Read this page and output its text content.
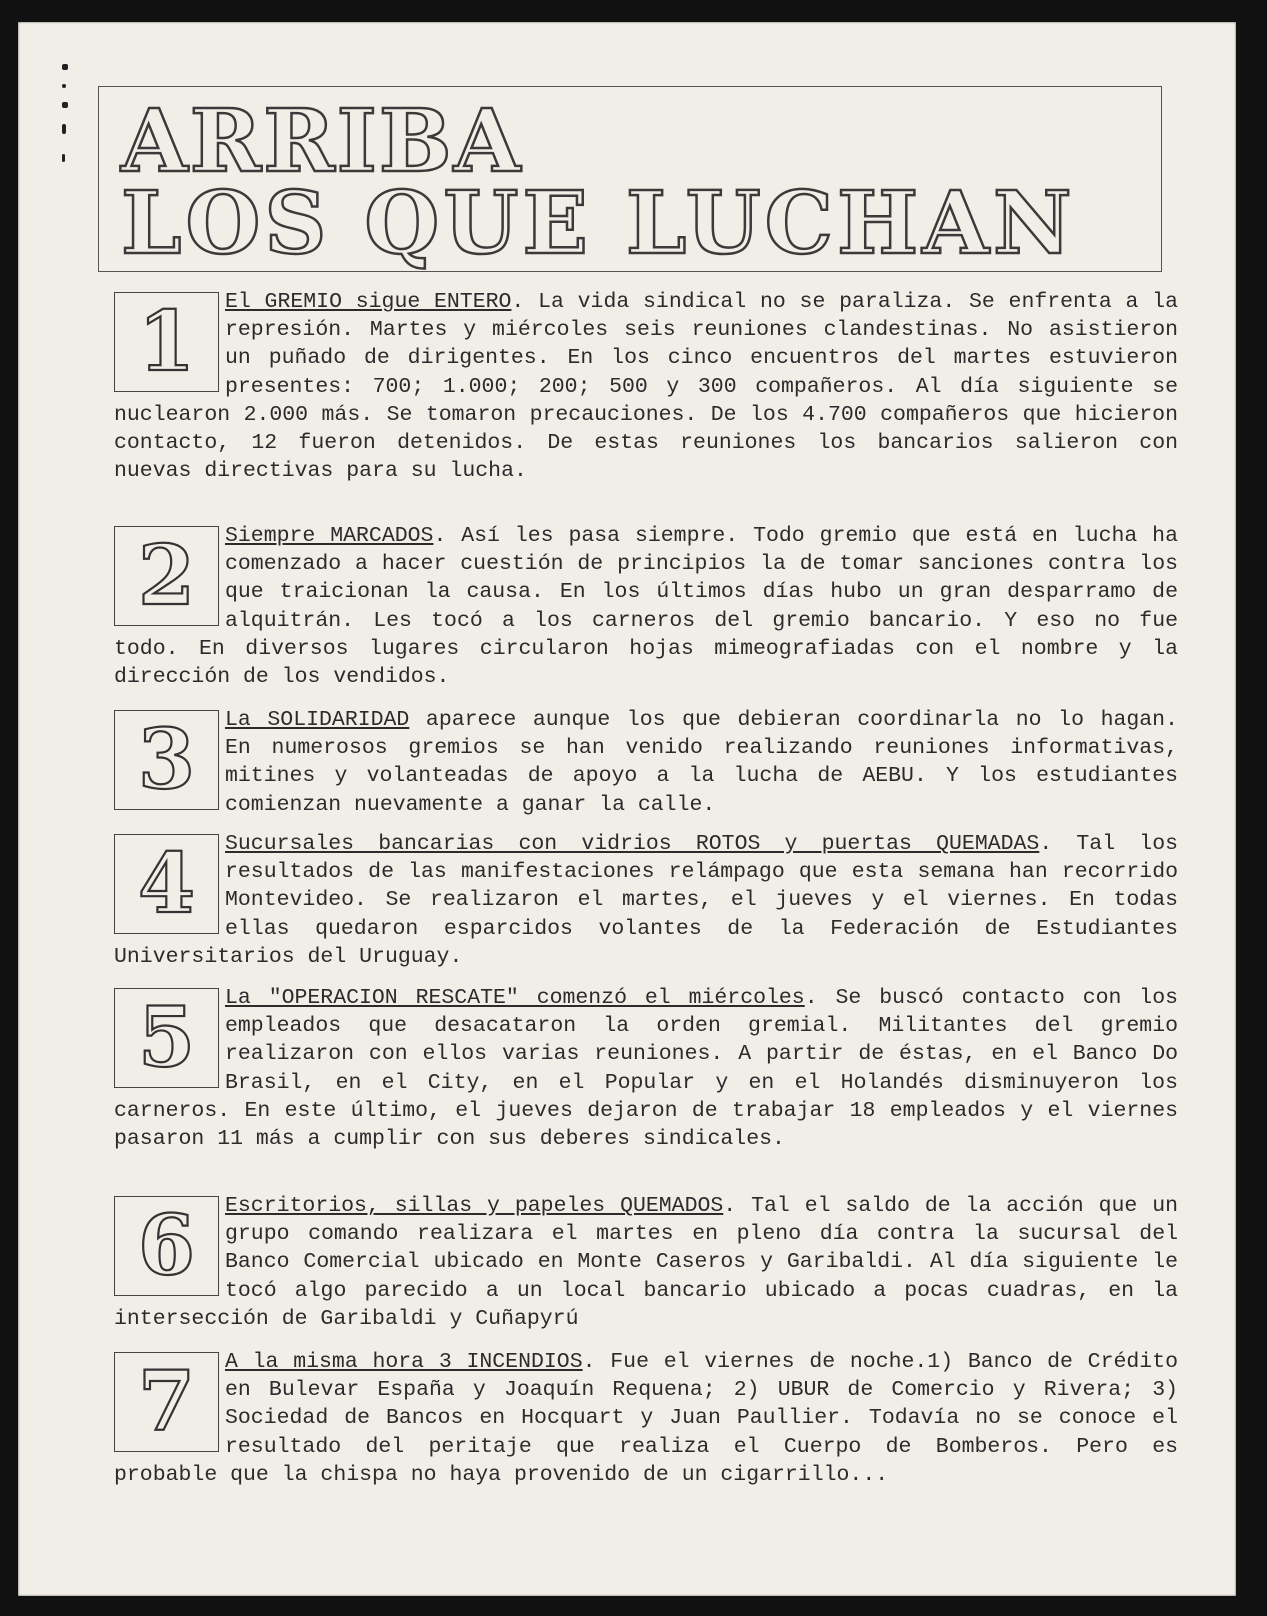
ARRIBA
LOS QUE LUCHAN
1	El GREMIO sigue ENTERO. La vida sindical no se paraliza. Se enfrenta a la represión. Martes y miércoles seis reuniones clandestinas. No asistieron un puñado de dirigentes. En los cinco encuentros del martes estuvieron presentes: 700; 1.000; 200; 500 y 300 compañeros. Al día siguiente se nuclearon 2.000 más. Se tomaron precauciones. De los 4.700 compañeros que hicieron contacto, 12 fueron detenidos. De estas reuniones los bancarios salieron con nuevas directivas para su lucha.
2	Siempre MARCADOS. Así les pasa siempre. Todo gremio que está en lucha ha comenzado a hacer cuestión de principios la de tomar sanciones contra los que traicionan la causa. En los últimos días hubo un gran desparramo de alquitrán. Les tocó a los carneros del gremio bancario. Y eso no fue todo. En diversos lugares circularon hojas mimeografiadas con el nombre y la dirección de los vendidos.
3	La SOLIDARIDAD aparece aunque los que debieran coordinarla no lo hagan. En numerosos gremios se han venido realizando reuniones informativas, mitines y volanteadas de apoyo a la lucha de AEBU. Y los estudiantes comienzan nuevamente a ganar la calle.
4	Sucursales bancarias con vidrios ROTOS y puertas QUEMADAS. Tal los resultados de las manifestaciones relámpago que esta semana han recorrido Montevideo. Se realizaron el martes, el jueves y el viernes. En todas ellas quedaron esparcidos volantes de la Federación de Estudiantes Universitarios del Uruguay.
5	La "OPERACION RESCATE" comenzó el miércoles. Se buscó contacto con los empleados que desacataron la orden gremial. Militantes del gremio realizaron con ellos varias reuniones. A partir de éstas, en el Banco Do Brasil, en el City, en el Popular y en el Holandés disminuyeron los carneros. En este último, el jueves dejaron de trabajar 18 empleados y el viernes pasaron 11 más a cumplir con sus deberes sindicales.
6	Escritorios, sillas y papeles QUEMADOS. Tal el saldo de la acción que un grupo comando realizara el martes en pleno día contra la sucursal del Banco Comercial ubicado en Monte Caseros y Garibaldi. Al día siguiente le tocó algo parecido a un local bancario ubicado a pocas cuadras, en la intersección de Garibaldi y Cuñapyrú
7	A la misma hora 3 INCENDIOS. Fue el viernes de noche.1) Banco de Crédito en Bulevar España y Joaquín Requena; 2) UBUR de Comercio y Rivera; 3) Sociedad de Bancos en Hocquart y Juan Paullier. Todavía no se conoce el resultado del peritaje que realiza el Cuerpo de Bomberos. Pero es probable que la chispa no haya provenido de un cigarrillo...
